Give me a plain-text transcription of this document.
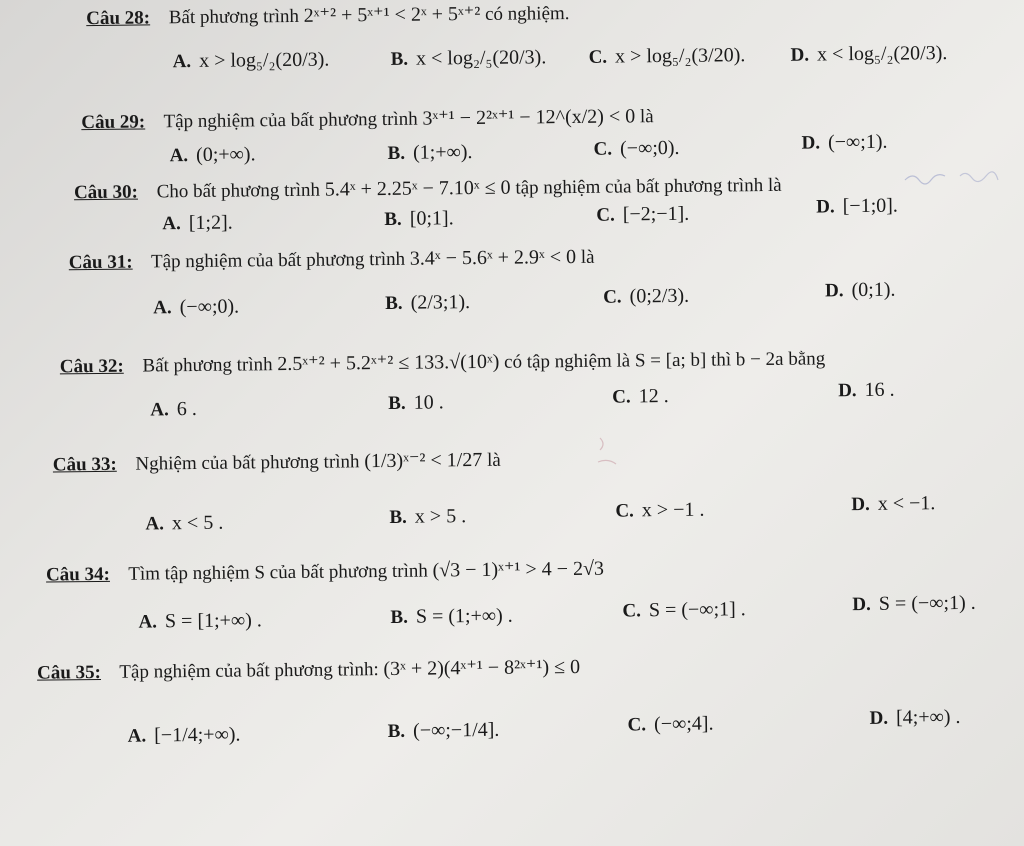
Câu 28: Bất phương trình 2ˣ⁺² + 5ˣ⁺¹ < 2ˣ + 5ˣ⁺² có nghiệm.
A. x > log₅/₂(20/3).	B. x < log₂/₅(20/3). C. x > log₅/₂(3/20). D. x < log₅/₂(20/3).
Câu 29: Tập nghiệm của bất phương trình 3ˣ⁺¹ − 2²ˣ⁺¹ − 12^(x/2) < 0 là
A. (0;+∞).	B. (1;+∞).	C. (−∞;0).	D. (−∞;1).
Câu 30: Cho bất phương trình 5.4ˣ + 2.25ˣ − 7.10ˣ ≤ 0 tập nghiệm của bất phương trình là
A. [1;2].	B. [0;1].	C. [−2;−1].	D. [−1;0].
Câu 31: Tập nghiệm của bất phương trình 3.4ˣ − 5.6ˣ + 2.9ˣ < 0 là
A. (−∞;0).	B. (2/3;1).	C. (0;2/3).	D. (0;1).
Câu 32: Bất phương trình 2.5ˣ⁺² + 5.2ˣ⁺² ≤ 133.√(10ˣ) có tập nghiệm là S = [a; b] thì b − 2a bằng
A. 6 .	B. 10 .	C. 12 .	D. 16 .
Câu 33: Nghiệm của bất phương trình (1/3)ˣ⁻² < 1/27 là
A. x < 5 .	B. x > 5 .	C. x > −1 .	D. x < −1.
Câu 34: Tìm tập nghiệm S của bất phương trình (√3 − 1)ˣ⁺¹ > 4 − 2√3
A. S = [1;+∞) .	B. S = (1;+∞) .	C. S = (−∞;1] .	D. S = (−∞;1) .
Câu 35: Tập nghiệm của bất phương trình: (3ˣ + 2)(4ˣ⁺¹ − 8²ˣ⁺¹) ≤ 0
A. [−1/4;+∞).	B. (−∞;−1/4].	C. (−∞;4].	D. [4;+∞) .
